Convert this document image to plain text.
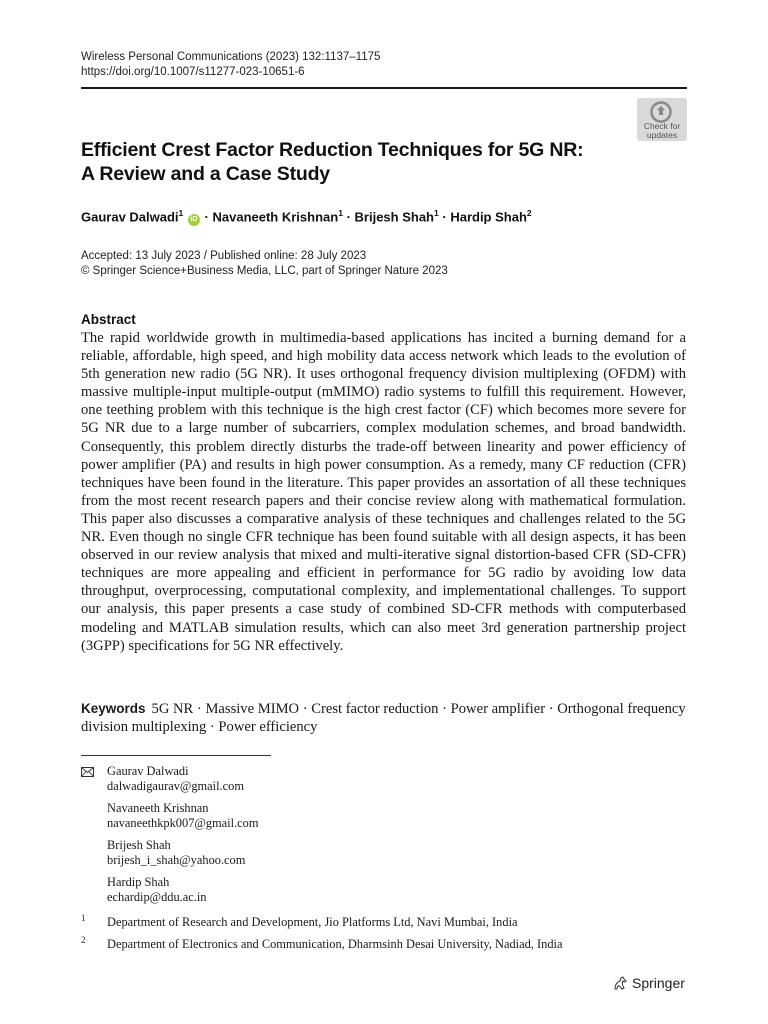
Wireless Personal Communications (2023) 132:1137–1175
https://doi.org/10.1007/s11277-023-10651-6
Check for
updates
Efficient Crest Factor Reduction Techniques for 5G NR:
A Review and a Case Study
Gaurav Dalwadi$^1$ iD · Navaneeth Krishnan$^1$ · Brijesh Shah$^1$ · Hardip Shah$^2$
Accepted: 13 July 2023 / Published online: 28 July 2023
© Springer Science+Business Media, LLC, part of Springer Nature 2023
Abstract
The rapid worldwide growth in multimedia-based applications has incited a burning demand for a reliable, affordable, high speed, and high mobility data access network which leads to the evolution of 5th generation new radio (5G NR). It uses orthogonal frequency division multiplexing (OFDM) with massive multiple-input multiple-output (mMIMO) radio systems to fulfill this requirement. However, one teething problem with this technique is the high crest factor (CF) which becomes more severe for 5G NR due to a large number of subcarriers, complex modulation schemes, and broad bandwidth. Consequently, this problem directly disturbs the trade-off between linearity and power efficiency of power amplifier (PA) and results in high power consumption. As a remedy, many CF reduction (CFR) techniques have been found in the literature. This paper provides an assortation of all these techniques from the most recent research papers and their concise review along with mathematical formulation. This paper also discusses a comparative analysis of these techniques and challenges related to the 5G NR. Even though no single CFR technique has been found suitable with all design aspects, it has been observed in our review analysis that mixed and multi-iterative signal distortion-based CFR (SD-CFR) techniques are more appealing and efficient in performance for 5G radio by avoiding low data throughput, overprocessing, computational complexity, and implementational challenges. To support our analysis, this paper presents a case study of combined SD-CFR methods with computerbased modeling and MATLAB simulation results, which can also meet 3rd generation partnership project (3GPP) specifications for 5G NR effectively.
Keywords 5G NR · Massive MIMO · Crest factor reduction · Power amplifier · Orthogonal frequency division multiplexing · Power efficiency
Gaurav Dalwadi
dalwadigaurav@gmail.com
Navaneeth Krishnan
navaneethkpk007@gmail.com
Brijesh Shah
brijesh_i_shah@yahoo.com
Hardip Shah
echardip@ddu.ac.in
1 Department of Research and Development, Jio Platforms Ltd, Navi Mumbai, India
2 Department of Electronics and Communication, Dharmsinh Desai University, Nadiad, India
Springer
